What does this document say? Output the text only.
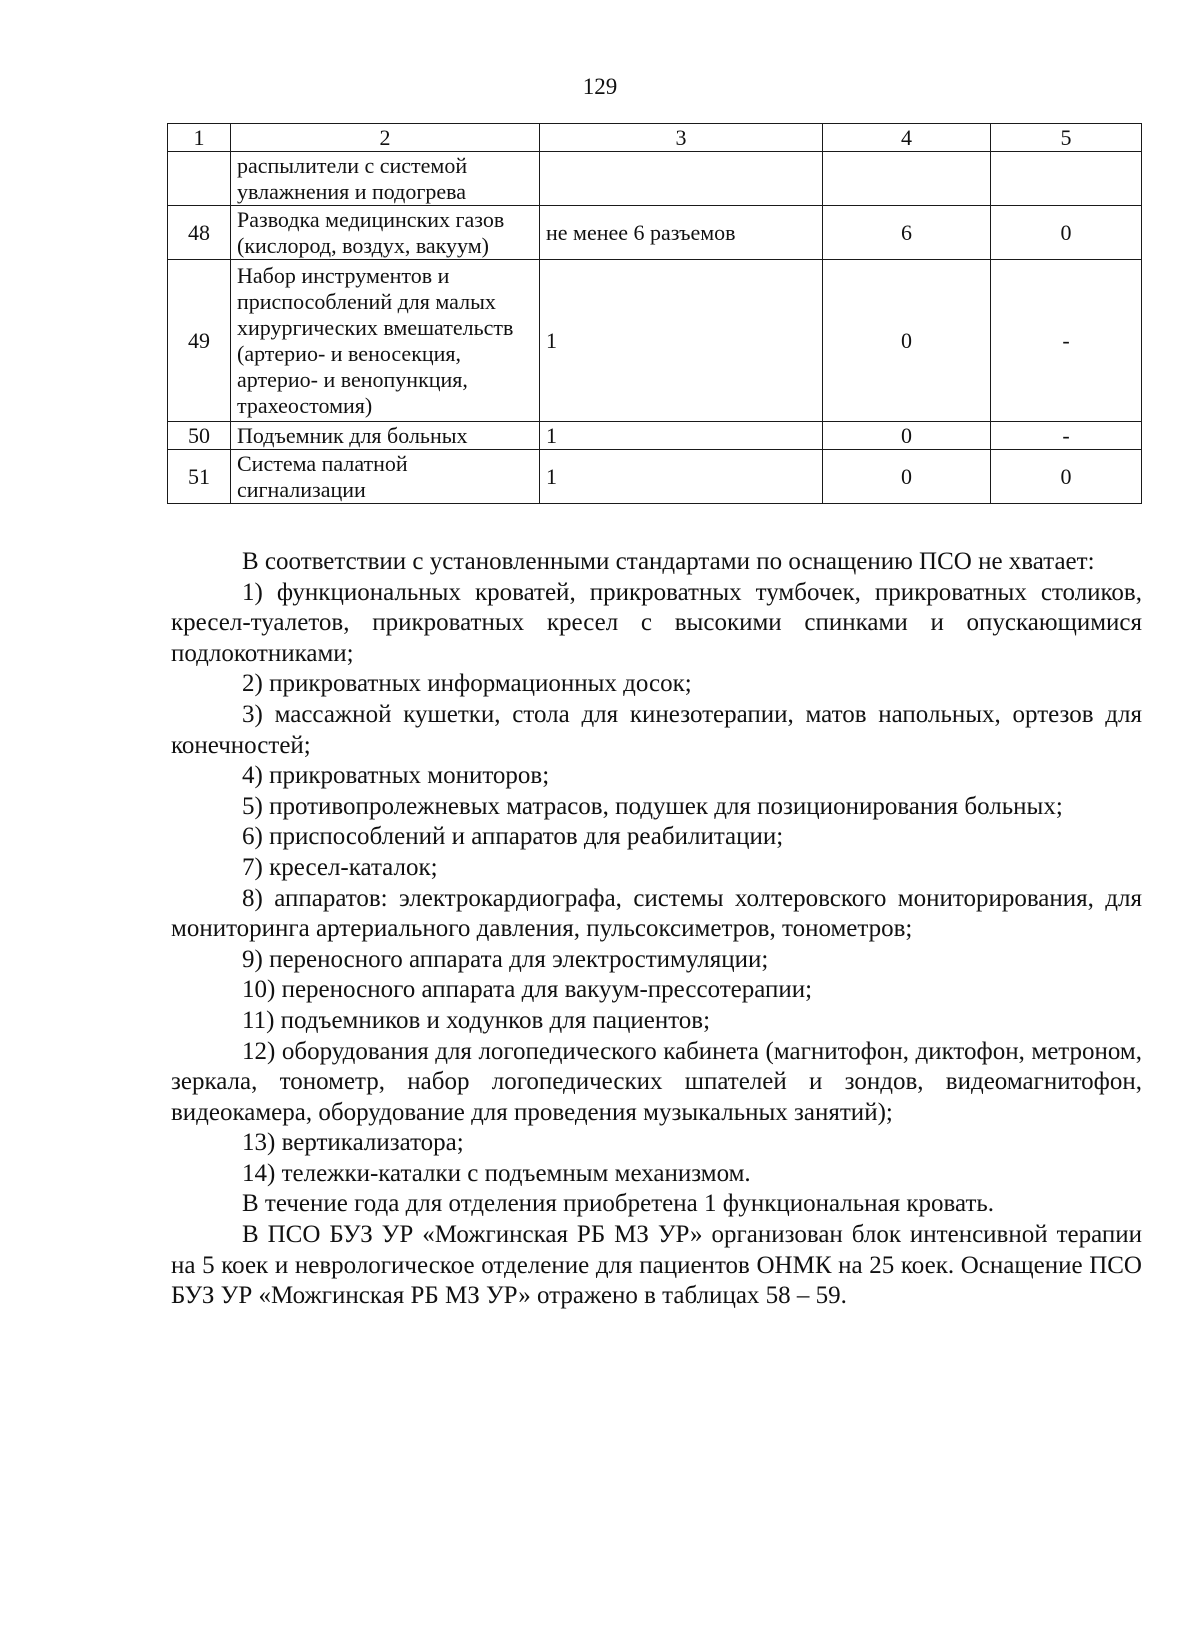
129
1	2	3	4	5
	распылители с системой увлажнения и подогрева			
48	Разводка медицинских газов (кислород, воздух, вакуум)	не менее 6 разъемов	6	0
49	Набор инструментов и приспособлений для малых хирургических вмешательств (артерио- и веносекция, артерио- и венопункция, трахеостомия)	1	0	-
50	Подъемник для больных	1	0	-
51	Система палатной сигнализации	1	0	0

В соответствии с установленными стандартами по оснащению ПСО не хватает:

1) функциональных кроватей, прикроватных тумбочек, прикроватных столиков, кресел-туалетов, прикроватных кресел с высокими спинками и опускающимися подлокотниками;

2) прикроватных информационных досок;

3) массажной кушетки, стола для кинезотерапии, матов напольных, ортезов для конечностей;

4) прикроватных мониторов;

5) противопролежневых матрасов, подушек для позиционирования больных;

6) приспособлений и аппаратов для реабилитации;

7) кресел-каталок;

8) аппаратов: электрокардиографа, системы холтеровского мониторирования, для мониторинга артериального давления, пульсоксиметров, тонометров;

9) переносного аппарата для электростимуляции;

10) переносного аппарата для вакуум-прессотерапии;

11) подъемников и ходунков для пациентов;

12) оборудования для логопедического кабинета (магнитофон, диктофон, метроном, зеркала, тонометр, набор логопедических шпателей и зондов, видеомагнитофон, видеокамера, оборудование для проведения музыкальных занятий);

13) вертикализатора;

14) тележки-каталки с подъемным механизмом.

В течение года для отделения приобретена 1 функциональная кровать.

В ПСО БУЗ УР «Можгинская РБ МЗ УР» организован блок интенсивной терапии на 5 коек и неврологическое отделение для пациентов ОНМК на 25 коек. Оснащение ПСО БУЗ УР «Можгинская РБ МЗ УР» отражено в таблицах 58 – 59.
